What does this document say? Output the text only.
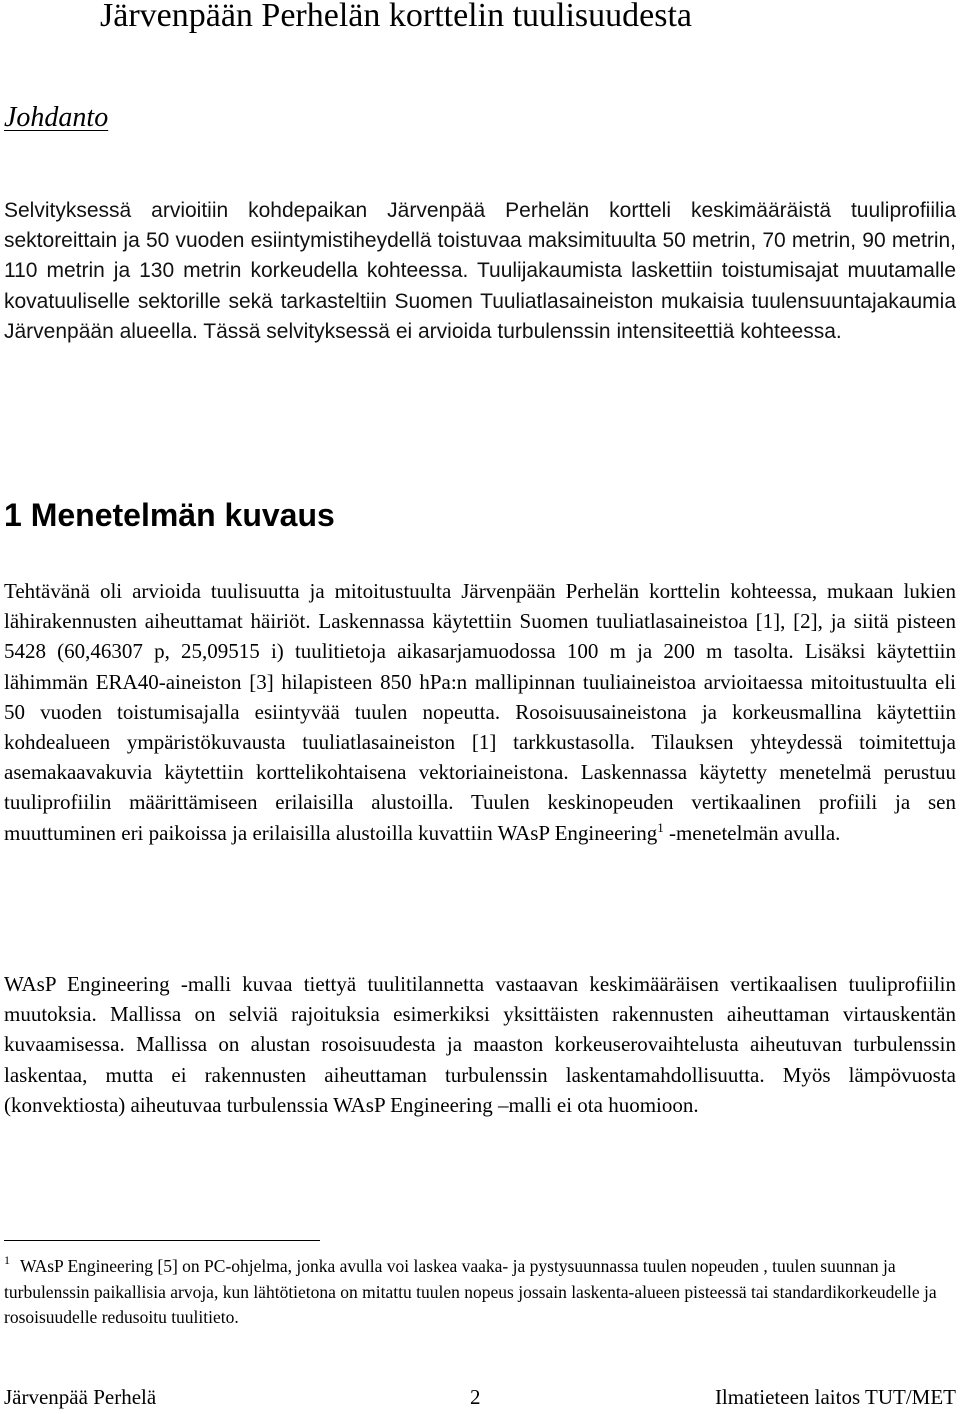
Järvenpään Perhelän korttelin tuulisuudesta
Johdanto

Selvityksessä arvioitiin kohdepaikan Järvenpää Perhelän kortteli keskimääräistä tuuliprofiilia sektoreittain ja 50 vuoden esiintymistiheydellä toistuvaa maksimituulta 50 metrin, 70 metrin, 90 metrin, 110 metrin ja 130 metrin korkeudella kohteessa. Tuulijakaumista laskettiin toistumisajat muutamalle kovatuuliselle sektorille sekä tarkasteltiin Suomen Tuuliatlasaineiston mukaisia tuulensuuntajakaumia Järvenpään alueella. Tässä selvityksessä ei arvioida turbulenssin intensiteettiä kohteessa.

1 Menetelmän kuvaus
Tehtävänä oli arvioida tuulisuutta ja mitoitustuulta Järvenpään Perhelän korttelin kohteessa, mukaan lukien lähirakennusten aiheuttamat häiriöt. Laskennassa käytettiin Suomen tuuliatlasaineistoa [1], [2], ja siitä pisteen 5428 (60,46307 p, 25,09515 i) tuulitietoja aikasarjamuodossa 100 m ja 200 m tasolta. Lisäksi käytettiin lähimmän ERA40-aineiston [3] hilapisteen 850 hPa:n mallipinnan tuuliaineistoa arvioitaessa mitoitustuulta eli 50 vuoden toistumisajalla esiintyvää tuulen nopeutta. Rosoisuusaineistona ja korkeusmallina käytettiin kohdealueen ympäristökuvausta tuuliatlasaineiston [1] tarkkustasolla. Tilauksen yhteydessä toimitettuja asemakaavakuvia käytettiin korttelikohtaisena vektoriaineistona. Laskennassa käytetty menetelmä perustuu tuuliprofiilin määrittämiseen erilaisilla alustoilla. Tuulen keskinopeuden vertikaalinen profiili ja sen muuttuminen eri paikoissa ja erilaisilla alustoilla kuvattiin WAsP Engineering$^1$ -menetelmän avulla.

WAsP Engineering -malli kuvaa tiettyä tuulitilannetta vastaavan keskimääräisen vertikaalisen tuuliprofiilin muutoksia. Mallissa on selviä rajoituksia esimerkiksi yksittäisten rakennusten aiheuttaman virtauskentän kuvaamisessa. Mallissa on alustan rosoisuudesta ja maaston korkeuserovaihtelusta aiheutuvan turbulenssin laskentaa, mutta ei rakennusten aiheuttaman turbulenssin laskentamahdollisuutta. Myös lämpövuosta (konvektiosta) aiheutuvaa turbulenssia WAsP Engineering –malli ei ota huomioon.

$^1$ WAsP Engineering [5] on PC-ohjelma, jonka avulla voi laskea vaaka- ja pystysuunnassa tuulen nopeuden , tuulen suunnan ja turbulenssin paikallisia arvoja, kun lähtötietona on mitattu tuulen nopeus jossain laskenta-alueen pisteessä tai standardikorkeudelle ja rosoisuudelle redusoitu tuulitieto.

Järvenpää Perhelä	2	Ilmatieteen laitos TUT/MET
